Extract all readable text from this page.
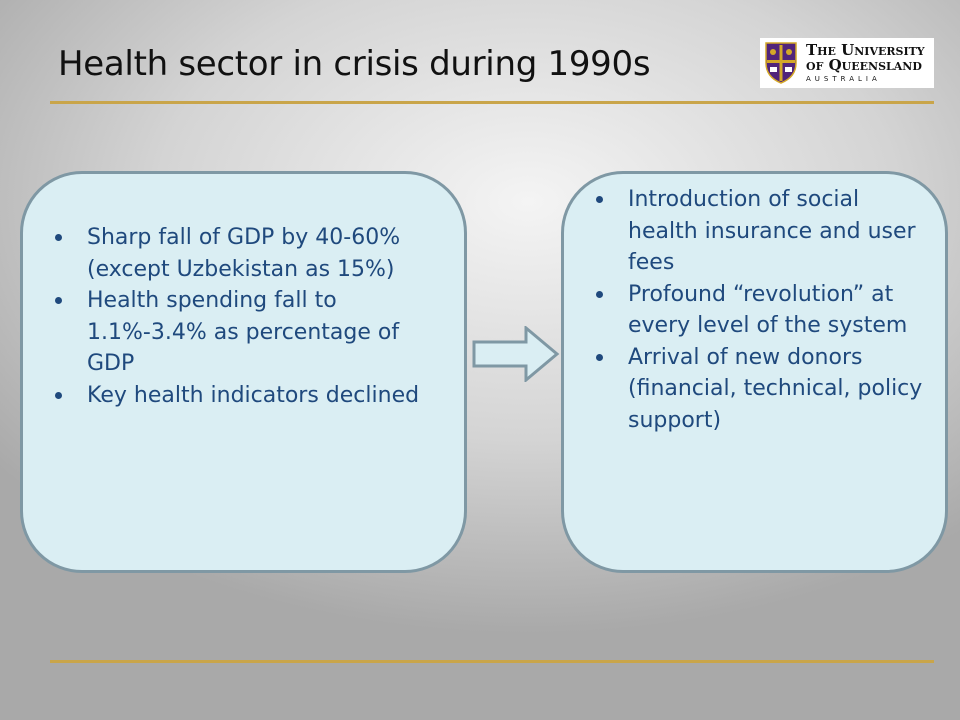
Health sector in crisis during 1990s	The University
of Queensland
AUSTRALIA
Sharp fall of GDP by 40-60% (except Uzbekistan as 15%)
Health spending fall to 1.1%-3.4% as percentage of GDP
Key health indicators declined
Introduction of social health insurance and user fees
Profound “revolution” at every level of the system
Arrival of new donors (financial, technical, policy support)
